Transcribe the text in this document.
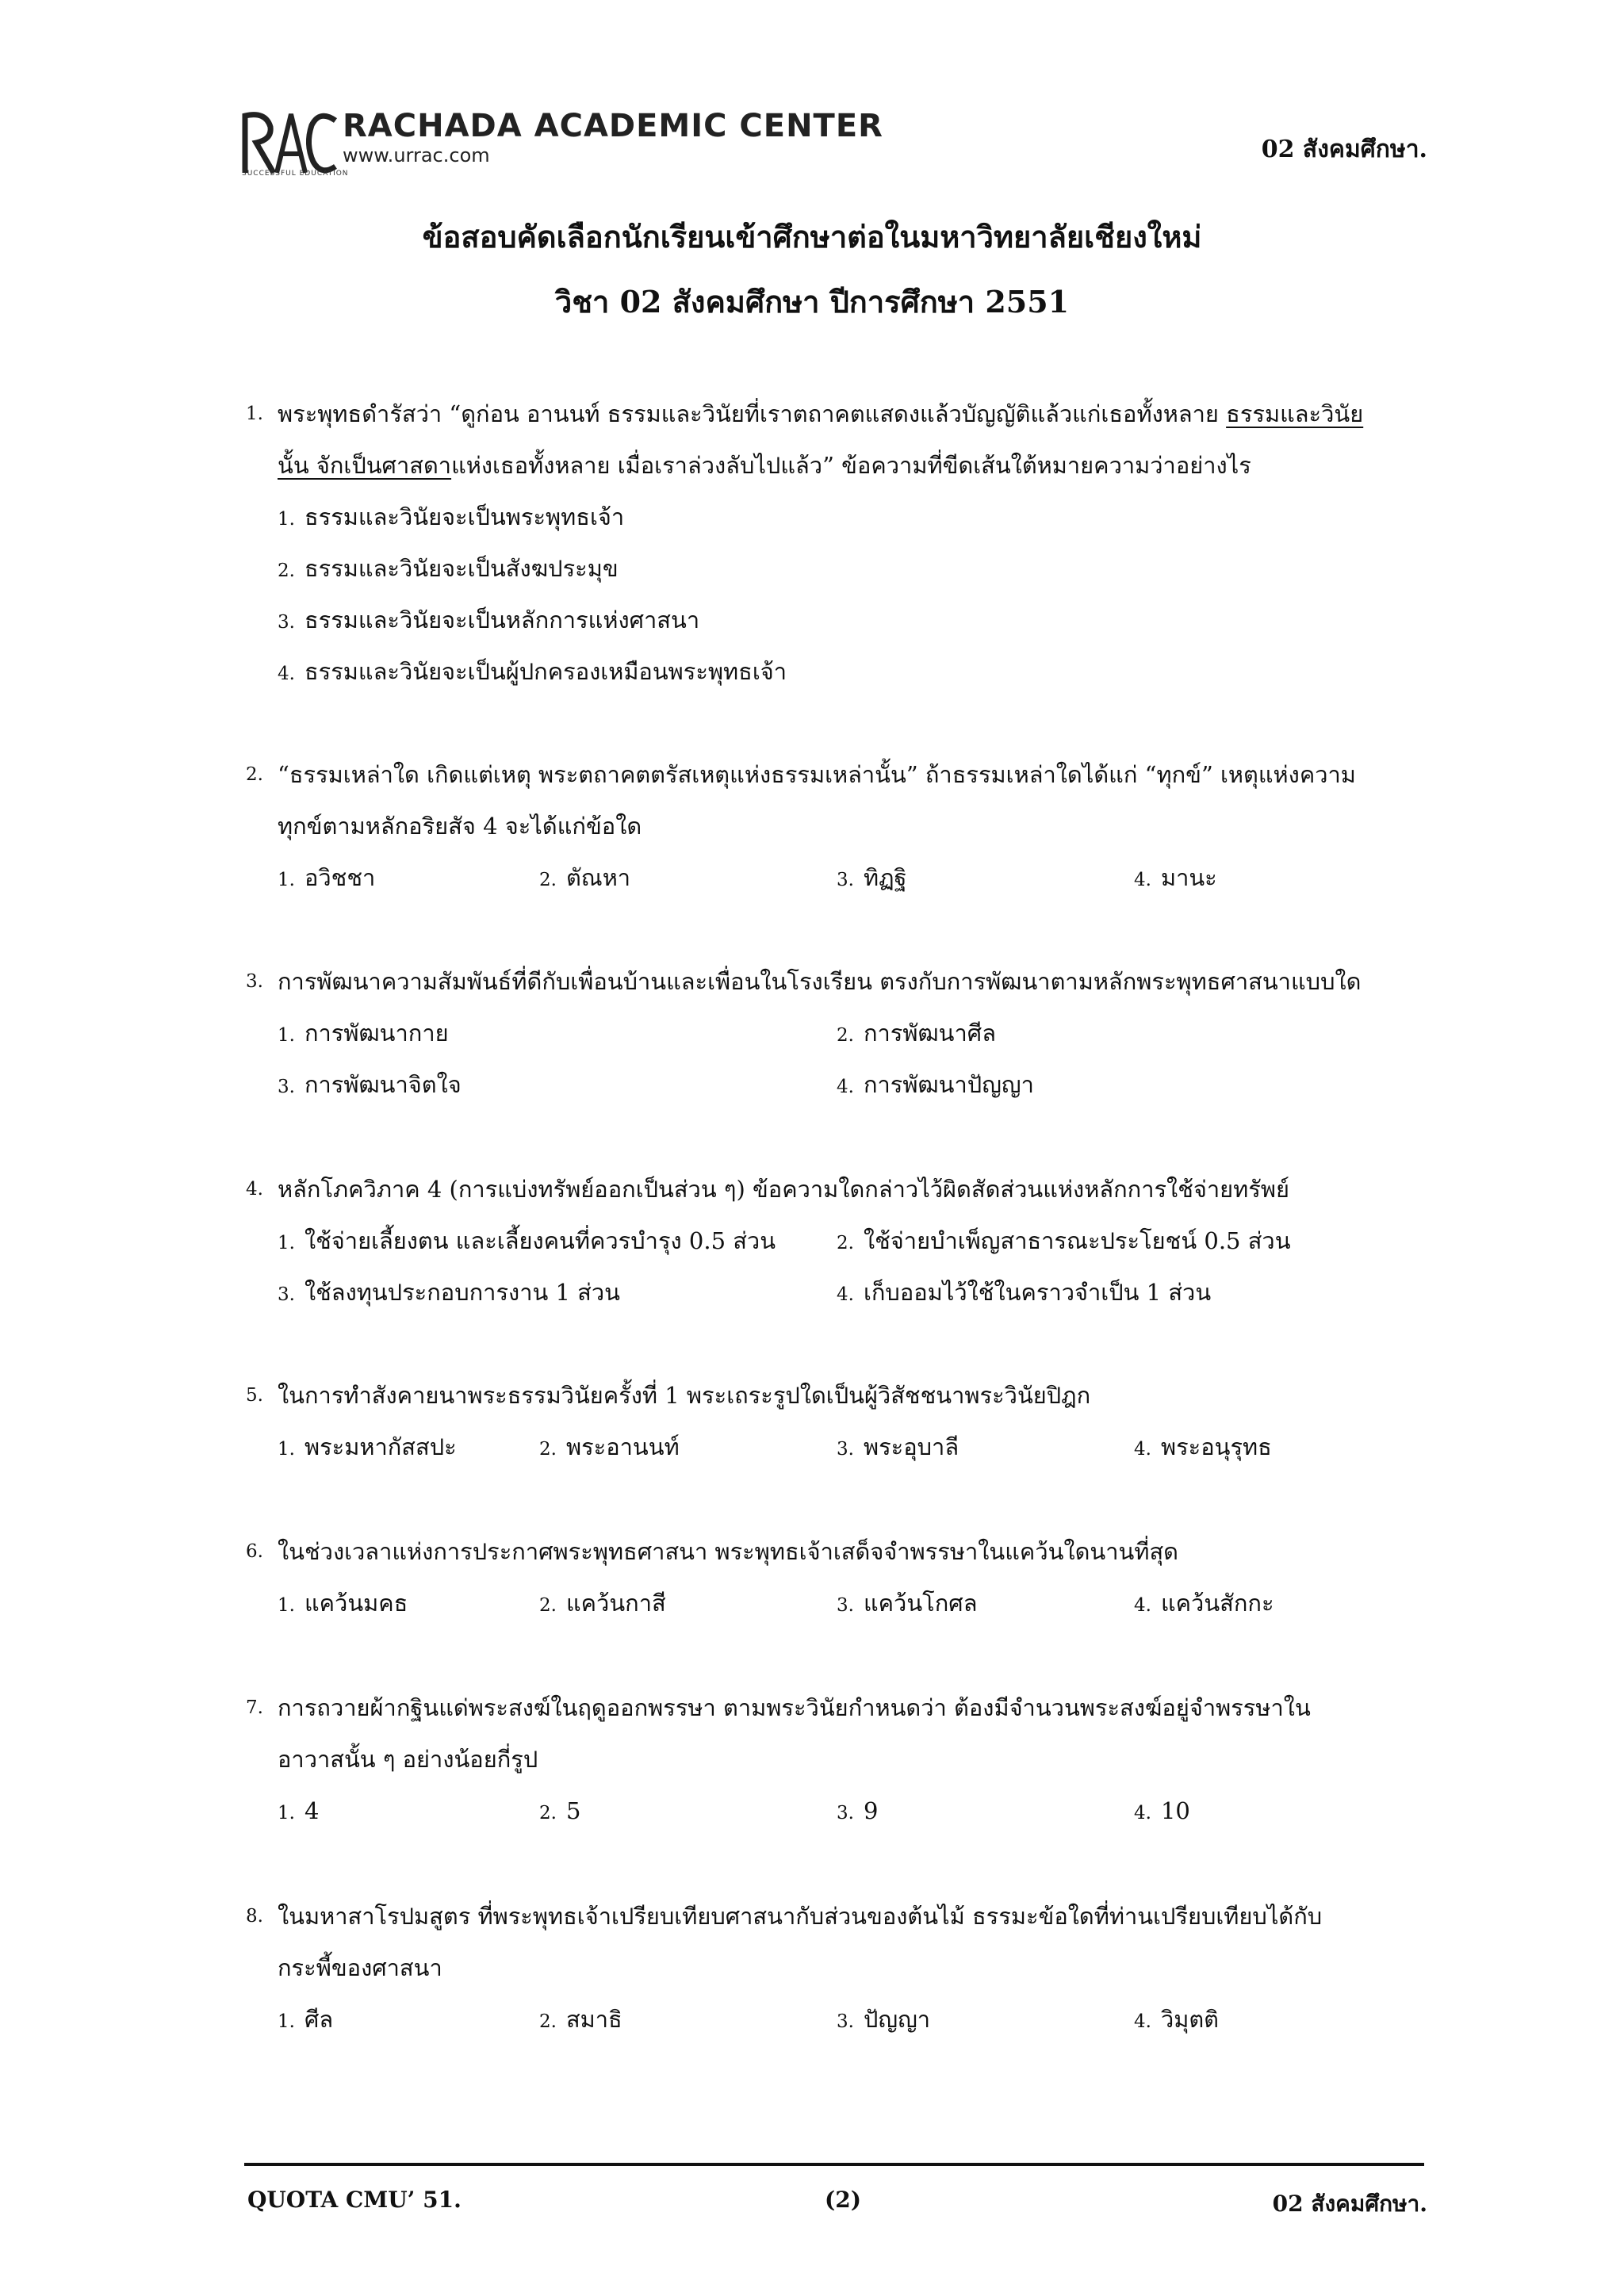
RACHADA ACADEMIC CENTER
www.urrac.com
SUCCESSFUL EDUCATION
02 สังคมศึกษา.
ข้อสอบคัดเลือกนักเรียนเข้าศึกษาต่อในมหาวิทยาลัยเชียงใหม่
วิชา 02 สังคมศึกษา ปีการศึกษา 2551
1. พระพุทธดำรัสว่า “ดูก่อน อานนท์ ธรรมและวินัยที่เราตถาคตแสดงแล้วบัญญัติแล้วแก่เธอทั้งหลาย ธรรมและวินัย
นั้น จักเป็นศาสดาแห่งเธอทั้งหลาย เมื่อเราล่วงลับไปแล้ว” ข้อความที่ขีดเส้นใต้หมายความว่าอย่างไร
1. ธรรมและวินัยจะเป็นพระพุทธเจ้า
2. ธรรมและวินัยจะเป็นสังฆประมุข
3. ธรรมและวินัยจะเป็นหลักการแห่งศาสนา
4. ธรรมและวินัยจะเป็นผู้ปกครองเหมือนพระพุทธเจ้า
2. “ธรรมเหล่าใด เกิดแต่เหตุ พระตถาคตตรัสเหตุแห่งธรรมเหล่านั้น” ถ้าธรรมเหล่าใดได้แก่ “ทุกข์” เหตุแห่งความ
ทุกข์ตามหลักอริยสัจ 4 จะได้แก่ข้อใด
1. อวิชชา	2. ตัณหา	3. ทิฏฐิ	4. มานะ
3. การพัฒนาความสัมพันธ์ที่ดีกับเพื่อนบ้านและเพื่อนในโรงเรียน ตรงกับการพัฒนาตามหลักพระพุทธศาสนาแบบใด
1. การพัฒนากาย	2. การพัฒนาศีล
3. การพัฒนาจิตใจ	4. การพัฒนาปัญญา
4. หลักโภควิภาค 4 (การแบ่งทรัพย์ออกเป็นส่วน ๆ) ข้อความใดกล่าวไว้ผิดสัดส่วนแห่งหลักการใช้จ่ายทรัพย์
1. ใช้จ่ายเลี้ยงตน และเลี้ยงคนที่ควรบำรุง 0.5 ส่วน	2. ใช้จ่ายบำเพ็ญสาธารณะประโยชน์ 0.5 ส่วน
3. ใช้ลงทุนประกอบการงาน 1 ส่วน	4. เก็บออมไว้ใช้ในคราวจำเป็น 1 ส่วน
5. ในการทำสังคายนาพระธรรมวินัยครั้งที่ 1 พระเถระรูปใดเป็นผู้วิสัชชนาพระวินัยปิฎก
1. พระมหากัสสปะ	2. พระอานนท์	3. พระอุบาลี	4. พระอนุรุทธ
6. ในช่วงเวลาแห่งการประกาศพระพุทธศาสนา พระพุทธเจ้าเสด็จจำพรรษาในแคว้นใดนานที่สุด
1. แคว้นมคธ	2. แคว้นกาสี	3. แคว้นโกศล	4. แคว้นสักกะ
7. การถวายผ้ากฐินแด่พระสงฆ์ในฤดูออกพรรษา ตามพระวินัยกำหนดว่า ต้องมีจำนวนพระสงฆ์อยู่จำพรรษาใน
อาวาสนั้น ๆ อย่างน้อยกี่รูป
1. 4	2. 5	3. 9	4. 10
8. ในมหาสาโรปมสูตร ที่พระพุทธเจ้าเปรียบเทียบศาสนากับส่วนของต้นไม้ ธรรมะข้อใดที่ท่านเปรียบเทียบได้กับ
กระพี้ของศาสนา
1. ศีล	2. สมาธิ	3. ปัญญา	4. วิมุตติ
QUOTA CMU’ 51.	(2)	02 สังคมศึกษา.
